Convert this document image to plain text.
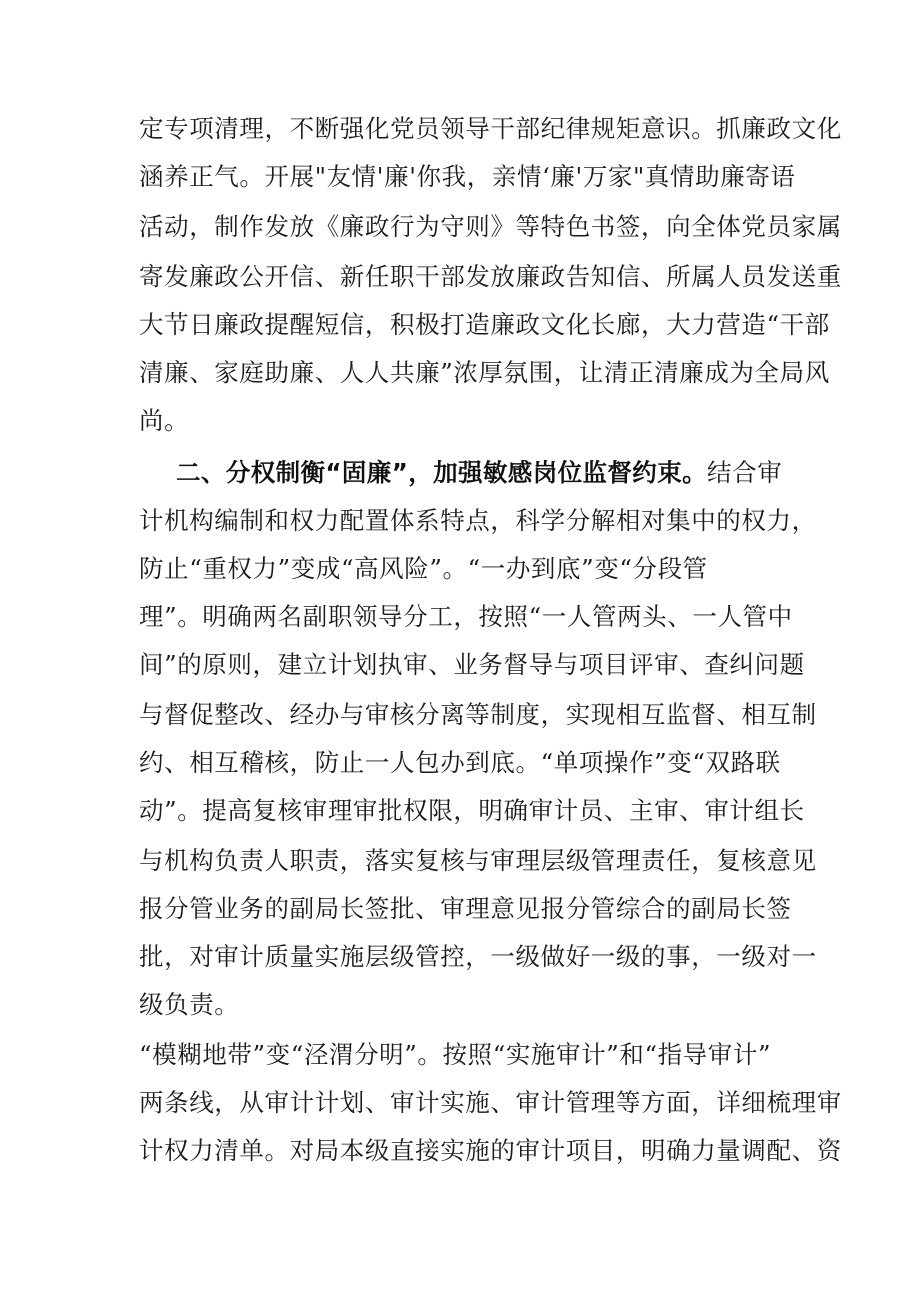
定专项清理，不断强化党员领导干部纪律规矩意识。抓廉政文化
涵养正气。开展"友情'廉'你我，亲情‘廉'万家"真情助廉寄语
活动，制作发放《廉政行为守则》等特色书签，向全体党员家属
寄发廉政公开信、新任职干部发放廉政告知信、所属人员发送重
大节日廉政提醒短信，积极打造廉政文化长廊，大力营造“干部
清廉、家庭助廉、人人共廉”浓厚氛围，让清正清廉成为全局风
尚。
二、分权制衡“固廉”，加强敏感岗位监督约束。结合审
计机构编制和权力配置体系特点，科学分解相对集中的权力，
防止“重权力”变成“高风险”。“一办到底”变“分段管
理”。明确两名副职领导分工，按照“一人管两头、一人管中
间”的原则，建立计划执审、业务督导与项目评审、查纠问题
与督促整改、经办与审核分离等制度，实现相互监督、相互制
约、相互稽核，防止一人包办到底。“单项操作”变“双路联
动”。提高复核审理审批权限，明确审计员、主审、审计组长
与机构负责人职责，落实复核与审理层级管理责任，复核意见
报分管业务的副局长签批、审理意见报分管综合的副局长签
批，对审计质量实施层级管控，一级做好一级的事，一级对一
级负责。
“模糊地带”变“泾渭分明”。按照“实施审计”和“指导审计”
两条线，从审计计划、审计实施、审计管理等方面，详细梳理审
计权力清单。对局本级直接实施的审计项目，明确力量调配、资
